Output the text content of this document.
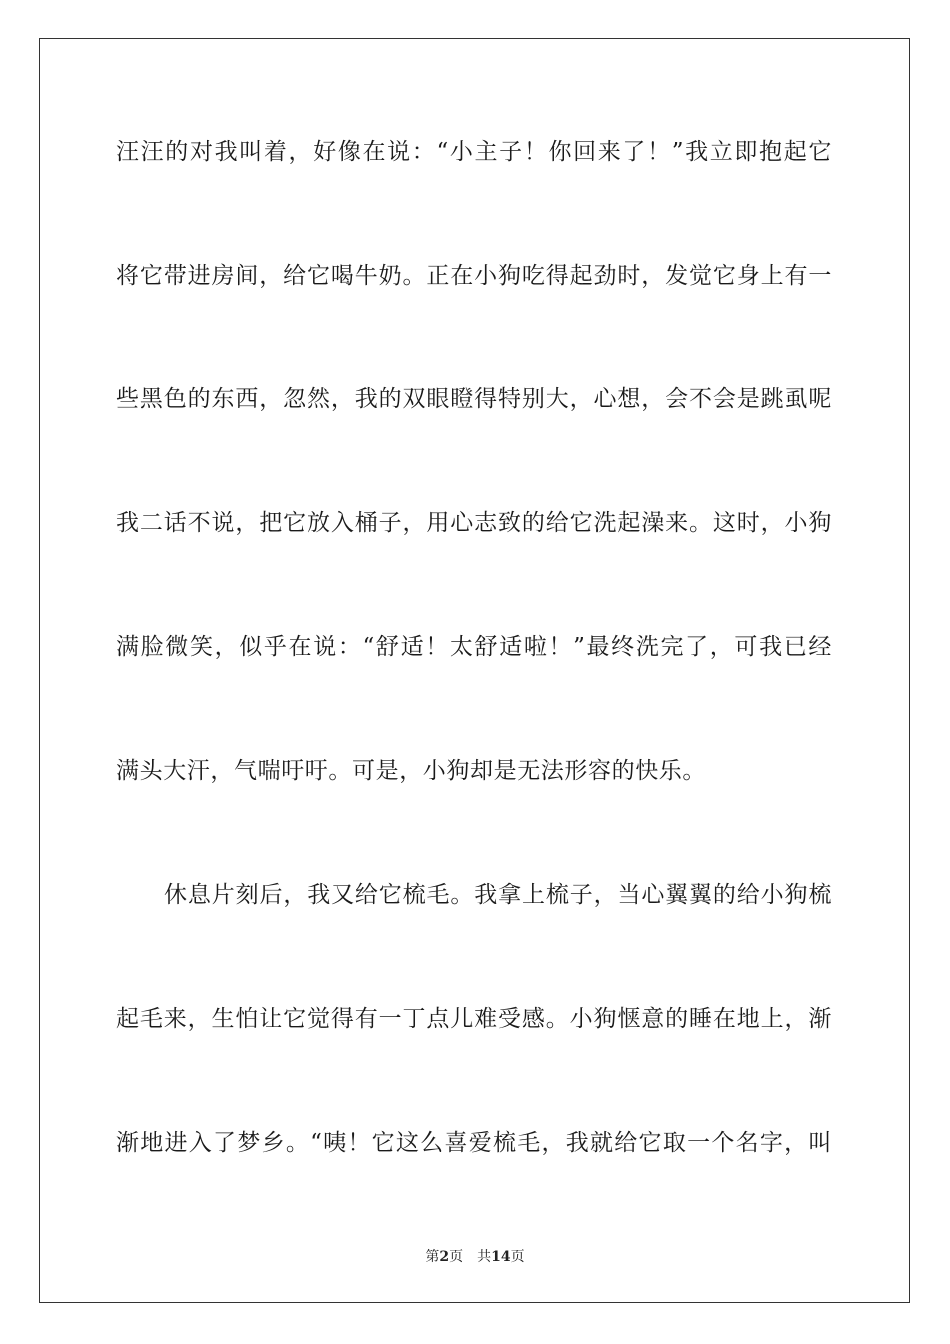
汪汪的对我叫着，好像在说：“小主子！你回来了！”我立即抱起它
将它带进房间，给它喝牛奶。正在小狗吃得起劲时，发觉它身上有一
些黑色的东西，忽然，我的双眼瞪得特别大，心想，会不会是跳虱呢
我二话不说，把它放入桶子，用心志致的给它洗起澡来。这时，小狗
满脸微笑，似乎在说：“舒适！太舒适啦！”最终洗完了，可我已经
满头大汗，气喘吁吁。可是，小狗却是无法形容的快乐。
休息片刻后，我又给它梳毛。我拿上梳子，当心翼翼的给小狗梳
起毛来，生怕让它觉得有一丁点儿难受感。小狗惬意的睡在地上，渐
渐地进入了梦乡。“咦！它这么喜爱梳毛，我就给它取一个名字，叫
第2页 共14页
